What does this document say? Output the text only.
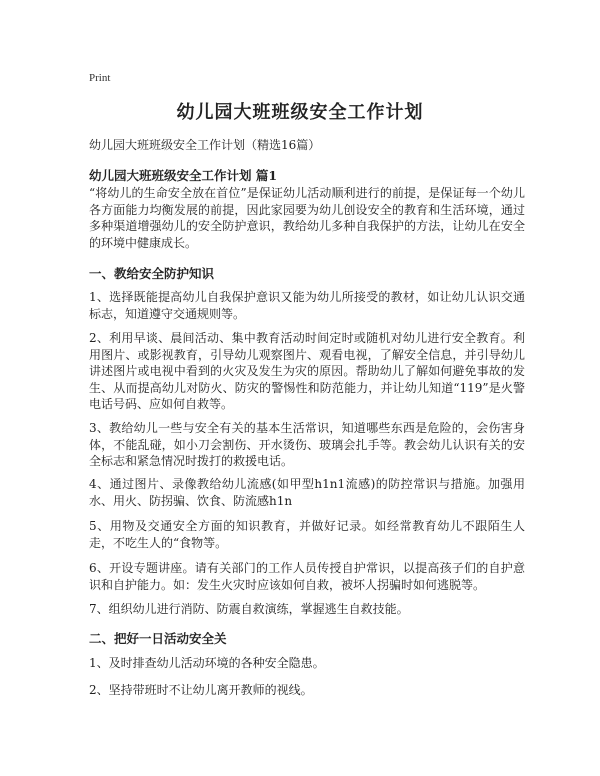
Print
幼儿园大班班级安全工作计划
幼儿园大班班级安全工作计划（精选16篇）
幼儿园大班班级安全工作计划 篇1
“将幼儿的生命安全放在首位”是保证幼儿活动顺利进行的前提，是保证每一个幼儿各方面能力均衡发展的前提，因此家园要为幼儿创设安全的教育和生活环境，通过多种渠道增强幼儿的安全防护意识，教给幼儿多种自我保护的方法，让幼儿在安全的环境中健康成长。
一、教给安全防护知识
1、选择既能提高幼儿自我保护意识又能为幼儿所接受的教材，如让幼儿认识交通标志，知道遵守交通规则等。
2、利用早谈、晨间活动、集中教育活动时间定时或随机对幼儿进行安全教育。利用图片、或影视教育，引导幼儿观察图片、观看电视，了解安全信息，并引导幼儿讲述图片或电视中看到的火灾及发生为灾的原因。帮助幼儿了解如何避免事故的发生、从而提高幼儿对防火、防灾的警惕性和防范能力，并让幼儿知道“119”是火警电话号码、应如何自救等。
3、教给幼儿一些与安全有关的基本生活常识，知道哪些东西是危险的，会伤害身体，不能乱碰，如小刀会割伤、开水烫伤、玻璃会扎手等。教会幼儿认识有关的安全标志和紧急情况时拨打的救援电话。
4、通过图片、录像教给幼儿流感(如甲型h1n1流感)的防控常识与措施。加强用水、用火、防拐骗、饮食、防流感h1n
5、用物及交通安全方面的知识教育，并做好记录。如经常教育幼儿不跟陌生人走，不吃生人的“食物等。
6、开设专题讲座。请有关部门的工作人员传授自护常识，以提高孩子们的自护意识和自护能力。如：发生火灾时应该如何自救，被坏人拐骗时如何逃脱等。
7、组织幼儿进行消防、防震自救演练，掌握逃生自救技能。
二、把好一日活动安全关
1、及时排查幼儿活动环境的各种安全隐患。
2、坚持带班时不让幼儿离开教师的视线。
